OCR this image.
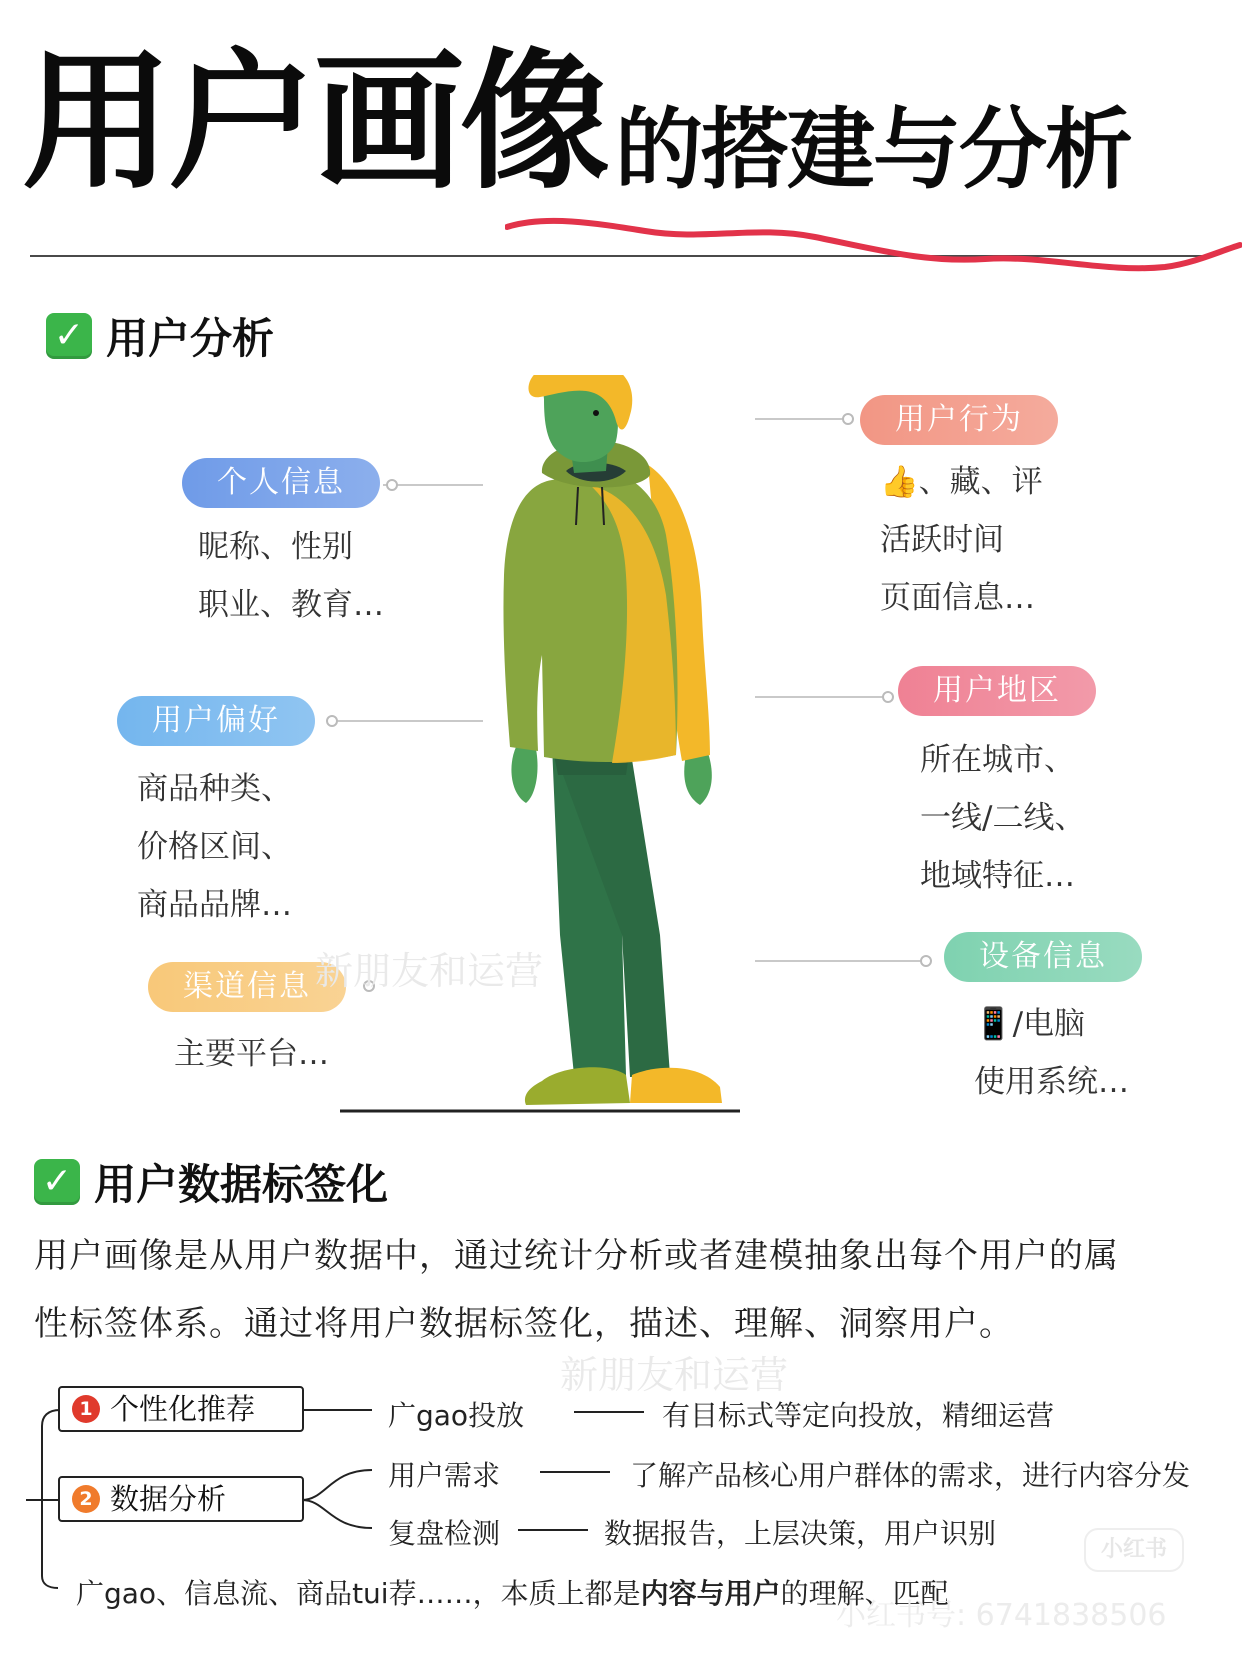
用户画像 的搭建与分析
✓ 用户分析
个人信息
昵称、性别
职业、教育…
用户偏好
商品种类、
价格区间、
商品品牌…
渠道信息
主要平台…
用户行为
👍、藏、评
活跃时间
页面信息…
用户地区
所在城市、
一线/二线、
地域特征…
设备信息
📱/电脑
使用系统…
新朋友和运营
✓ 用户数据标签化
用户画像是从用户数据中，通过统计分析或者建模抽象出每个用户的属
性标签体系。通过将用户数据标签化，描述、理解、洞察用户。
新朋友和运营
1 个性化推荐	广gao投放	有目标式等定向投放，精细运营
2 数据分析
用户需求	了解产品核心用户群体的需求，进行内容分发
复盘检测	数据报告，上层决策，用户识别
广gao、信息流、商品tui荐……，本质上都是内容与用户的理解、匹配
小红书
小红书号: 6741838506
